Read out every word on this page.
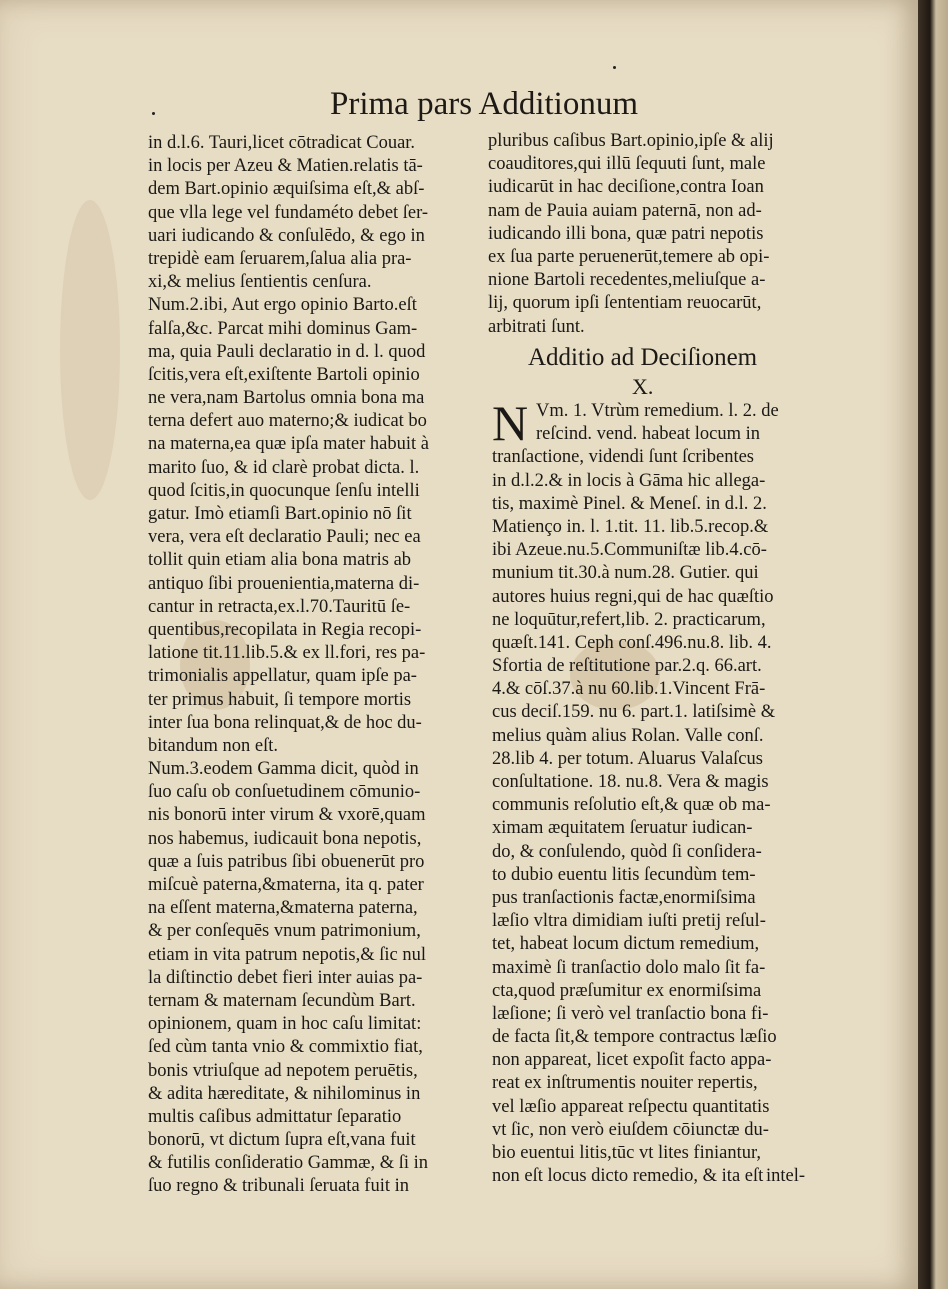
Prima pars Additionum
in d.l.6. Tauri,licet cōtradicat Couar.
in locis per Azeu & Matien.relatis tā-
dem Bart.opinio æquiſsima eſt,& abſ-
que vlla lege vel fundaméto debet ſer-
uari iudicando & conſulēdo, & ego in
trepidè eam ſeruarem,ſalua alia pra-
xi,& melius ſentientis cenſura.
Num.2.ibi, Aut ergo opinio Barto.eſt
falſa,&c. Parcat mihi dominus Gam-
ma, quia Pauli declaratio in d. l. quod
ſcitis,vera eſt,exiſtente Bartoli opinio
ne vera,nam Bartolus omnia bona ma
terna defert auo materno;& iudicat bo
na materna,ea quæ ipſa mater habuit à
marito ſuo, & id clarè probat dicta. l.
quod ſcitis,in quocunque ſenſu intelli
gatur. Imò etiamſi Bart.opinio nō ſit
vera, vera eſt declaratio Pauli; nec ea
tollit quin etiam alia bona matris ab
antiquo ſibi prouenientia,materna di-
cantur in retracta,ex.l.70.Tauritū ſe-
quentibus,recopilata in Regia recopi-
latione tit.11.lib.5.& ex ll.fori, res pa-
trimonialis appellatur, quam ipſe pa-
ter primus habuit, ſi tempore mortis
inter ſua bona relinquat,& de hoc du-
bitandum non eſt.
Num.3.eodem Gamma dicit, quòd in
ſuo caſu ob conſuetudinem cōmunio-
nis bonorū inter virum & vxorē,quam
nos habemus, iudicauit bona nepotis,
quæ a ſuis patribus ſibi obuenerūt pro
miſcuè paterna,&materna, ita q. pater
na eſſent materna,&materna paterna,
& per conſequēs vnum patrimonium,
etiam in vita patrum nepotis,& ſic nul
la diſtinctio debet fieri inter auias pa-
ternam & maternam ſecundùm Bart.
opinionem, quam in hoc caſu limitat:
ſed cùm tanta vnio & commixtio fiat,
bonis vtriuſque ad nepotem peruētis,
& adita hæreditate, & nihilominus in
multis caſibus admittatur ſeparatio
bonorū, vt dictum ſupra eſt,vana fuit
& futilis conſideratio Gammæ, & ſi in
ſuo regno & tribunali ſeruata fuit in
pluribus caſibus Bart.opinio,ipſe & alij
coauditores,qui illū ſequuti ſunt, male
iudicarūt in hac deciſione,contra Ioan
nam de Pauia auiam paternā, non ad-
iudicando illi bona, quæ patri nepotis
ex ſua parte peruenerūt,temere ab opi-
nione Bartoli recedentes,meliuſque a-
lij, quorum ipſi ſententiam reuocarūt,
arbitrati ſunt.
Additio ad Deciſionem
X.
N Vm. 1. Vtrùm remedium. l. 2. de
reſcind. vend. habeat locum in
tranſactione, videndi ſunt ſcribentes
in d.l.2.& in locis à Gāma hic allega-
tis, maximè Pinel. & Meneſ. in d.l. 2.
Matienço in. l. 1.tit. 11. lib.5.recop.&
ibi Azeue.nu.5.Communiſtæ lib.4.cō-
munium tit.30.à num.28. Gutier. qui
autores huius regni,qui de hac quæſtio
ne loquūtur,refert,lib. 2. practicarum,
quæſt.141. Ceph conſ.496.nu.8. lib. 4.
Sfortia de reſtitutione par.2.q. 66.art.
4.& cōſ.37.à nu 60.lib.1.Vincent Frā-
cus deciſ.159. nu 6. part.1. latiſsimè &
melius quàm alius Rolan. Valle conſ.
28.lib 4. per totum. Aluarus Valaſcus
conſultatione. 18. nu.8. Vera & magis
communis reſolutio eſt,& quæ ob ma-
ximam æquitatem ſeruatur iudican-
do, & conſulendo, quòd ſi conſidera-
to dubio euentu litis ſecundùm tem-
pus tranſactionis factæ,enormiſsima
læſio vltra dimidiam iuſti pretij reſul-
tet, habeat locum dictum remedium,
maximè ſi tranſactio dolo malo ſit fa-
cta,quod præſumitur ex enormiſsima
læſione; ſi verò vel tranſactio bona fi-
de facta ſit,& tempore contractus læſio
non appareat, licet expoſit facto appa-
reat ex inſtrumentis nouiter repertis,
vel læſio appareat reſpectu quantitatis
vt ſic, non verò eiuſdem cōiunctæ du-
bio euentui litis,tūc vt lites finiantur,
non eſt locus dicto remedio, & ita eſt intel-
